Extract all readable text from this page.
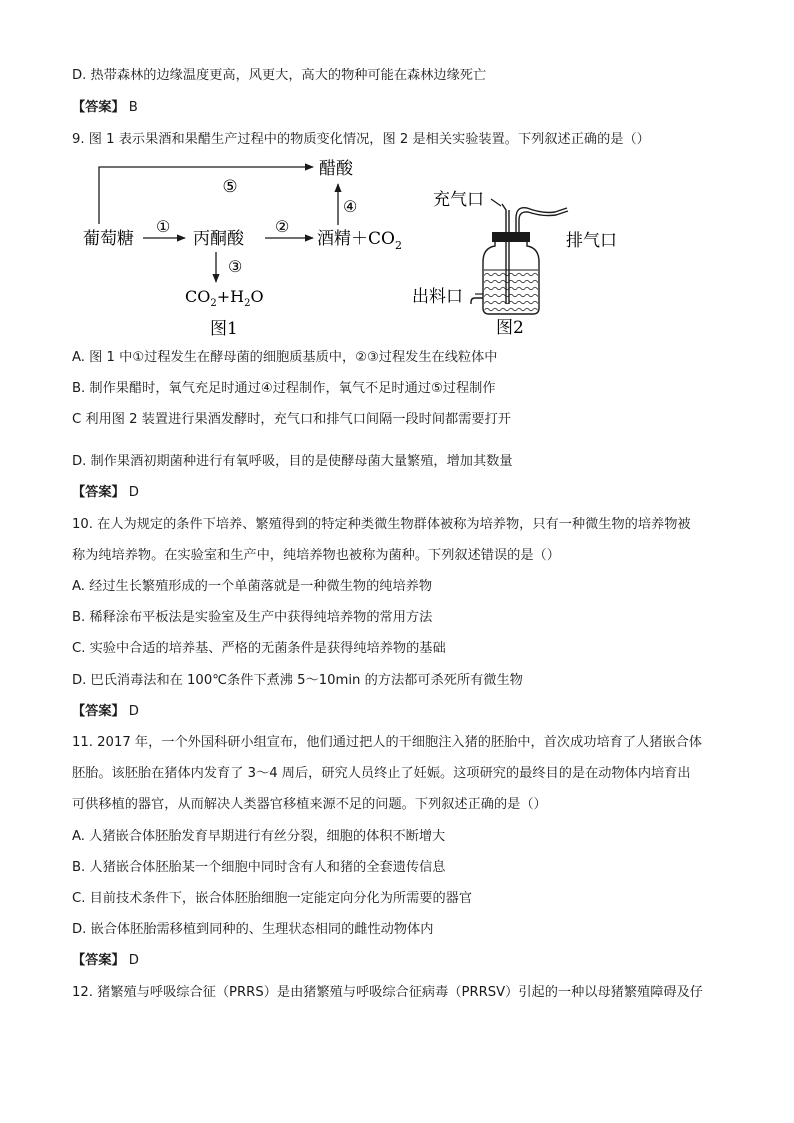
D. 热带森林的边缘温度更高，风更大，高大的物种可能在森林边缘死亡
【答案】 B
9. 图 1 表示果酒和果醋生产过程中的物质变化情况，图 2 是相关实验装置。下列叙述正确的是（）
⑤
醋酸
④
葡萄糖
①
丙酮酸
②
酒精$+CO_2$
③
$CO_2+H_2O$
图1
充气口
排气口
出料口
图2
A. 图 1 中①过程发生在酵母菌的细胞质基质中，②③过程发生在线粒体中
B. 制作果醋时，氧气充足时通过④过程制作，氧气不足时通过⑤过程制作
C 利用图 2 装置进行果酒发酵时，充气口和排气口间隔一段时间都需要打开
D. 制作果酒初期菌种进行有氧呼吸，目的是使酵母菌大量繁殖，增加其数量
【答案】 D
10. 在人为规定的条件下培养、繁殖得到的特定种类微生物群体被称为培养物，只有一种微生物的培养物被
称为纯培养物。在实验室和生产中，纯培养物也被称为菌种。下列叙述错误的是（）
A. 经过生长繁殖形成的一个单菌落就是一种微生物的纯培养物
B. 稀释涂布平板法是实验室及生产中获得纯培养物的常用方法
C. 实验中合适的培养基、严格的无菌条件是获得纯培养物的基础
D. 巴氏消毒法和在 100℃条件下煮沸 5～10min 的方法都可杀死所有微生物
【答案】 D
11. 2017 年，一个外国科研小组宣布，他们通过把人的干细胞注入猪的胚胎中，首次成功培育了人猪嵌合体
胚胎。该胚胎在猪体内发育了 3～4 周后，研究人员终止了妊娠。这项研究的最终目的是在动物体内培育出
可供移植的器官，从而解决人类器官移植来源不足的问题。下列叙述正确的是（）
A. 人猪嵌合体胚胎发育早期进行有丝分裂，细胞的体积不断增大
B. 人猪嵌合体胚胎某一个细胞中同时含有人和猪的全套遗传信息
C. 目前技术条件下，嵌合体胚胎细胞一定能定向分化为所需要的器官
D. 嵌合体胚胎需移植到同种的、生理状态相同的雌性动物体内
【答案】 D
12. 猪繁殖与呼吸综合征（PRRS）是由猪繁殖与呼吸综合征病毒（PRRSV）引起的一种以母猪繁殖障碍及仔
